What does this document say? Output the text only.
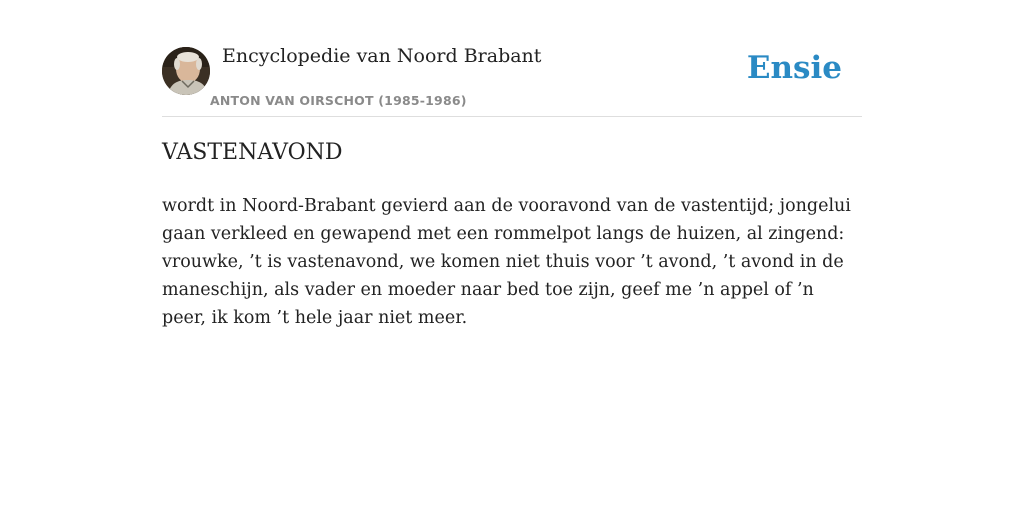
Encyclopedie van Noord Brabant
ANTON VAN OIRSCHOT (1985-1986)
Ensie
VASTENAVOND

wordt in Noord-Brabant gevierd aan de vooravond van de vastentijd; jongelui gaan verkleed en gewapend met een rommelpot langs de huizen, al zingend: vrouwke, ’t is vastenavond, we komen niet thuis voor ’t avond, ’t avond in de maneschijn, als vader en moeder naar bed toe zijn, geef me ’n appel of ’n peer, ik kom ’t hele jaar niet meer.
